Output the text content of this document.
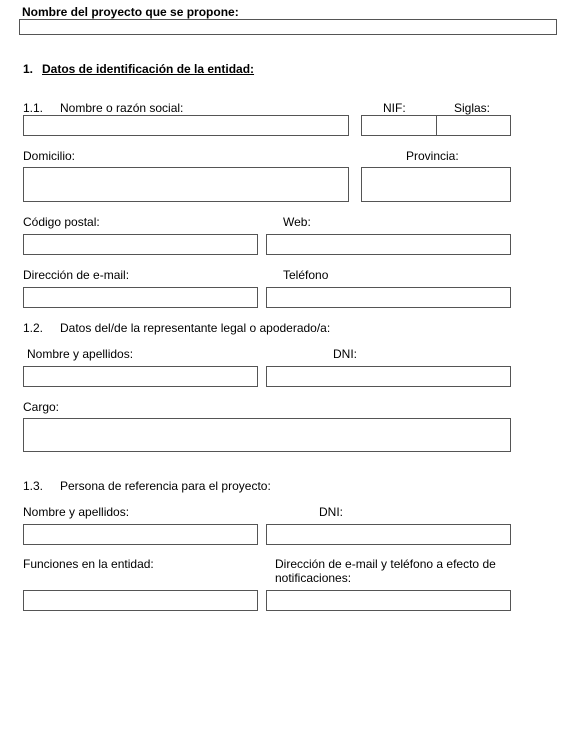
Nombre del proyecto que se propone:
1. Datos de identificación de la entidad:
1.1. Nombre o razón social:	NIF:	Siglas:
Domicilio:	Provincia:
Código postal:	Web:
Dirección de e-mail:	Teléfono
1.2. Datos del/de la representante legal o apoderado/a:
Nombre y apellidos:	DNI:
Cargo:
1.3. Persona de referencia para el proyecto:
Nombre y apellidos:	DNI:
Funciones en la entidad:	Dirección de e-mail y teléfono a efecto de notificaciones:
